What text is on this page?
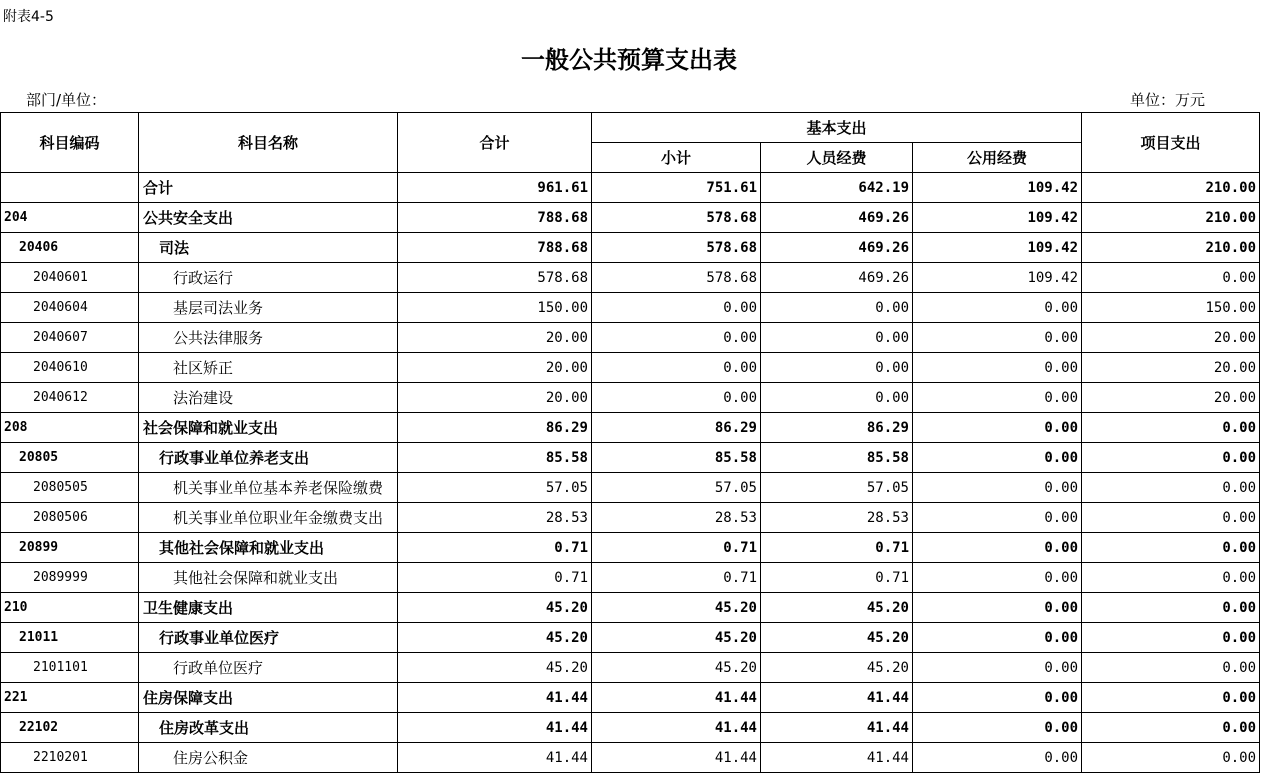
附表4-5
一般公共预算支出表
部门/单位：	单位：万元
科目编码	科目名称	合计	基本支出			项目支出
			小计	人员经费	公用经费	
	合计	961.61	751.61	642.19	109.42	210.00
204	公共安全支出	788.68	578.68	469.26	109.42	210.00
20406	司法	788.68	578.68	469.26	109.42	210.00
2040601	行政运行	578.68	578.68	469.26	109.42	0.00
2040604	基层司法业务	150.00	0.00	0.00	0.00	150.00
2040607	公共法律服务	20.00	0.00	0.00	0.00	20.00
2040610	社区矫正	20.00	0.00	0.00	0.00	20.00
2040612	法治建设	20.00	0.00	0.00	0.00	20.00
208	社会保障和就业支出	86.29	86.29	86.29	0.00	0.00
20805	行政事业单位养老支出	85.58	85.58	85.58	0.00	0.00
2080505	机关事业单位基本养老保险缴费	57.05	57.05	57.05	0.00	0.00
2080506	机关事业单位职业年金缴费支出	28.53	28.53	28.53	0.00	0.00
20899	其他社会保障和就业支出	0.71	0.71	0.71	0.00	0.00
2089999	其他社会保障和就业支出	0.71	0.71	0.71	0.00	0.00
210	卫生健康支出	45.20	45.20	45.20	0.00	0.00
21011	行政事业单位医疗	45.20	45.20	45.20	0.00	0.00
2101101	行政单位医疗	45.20	45.20	45.20	0.00	0.00
221	住房保障支出	41.44	41.44	41.44	0.00	0.00
22102	住房改革支出	41.44	41.44	41.44	0.00	0.00
2210201	住房公积金	41.44	41.44	41.44	0.00	0.00
